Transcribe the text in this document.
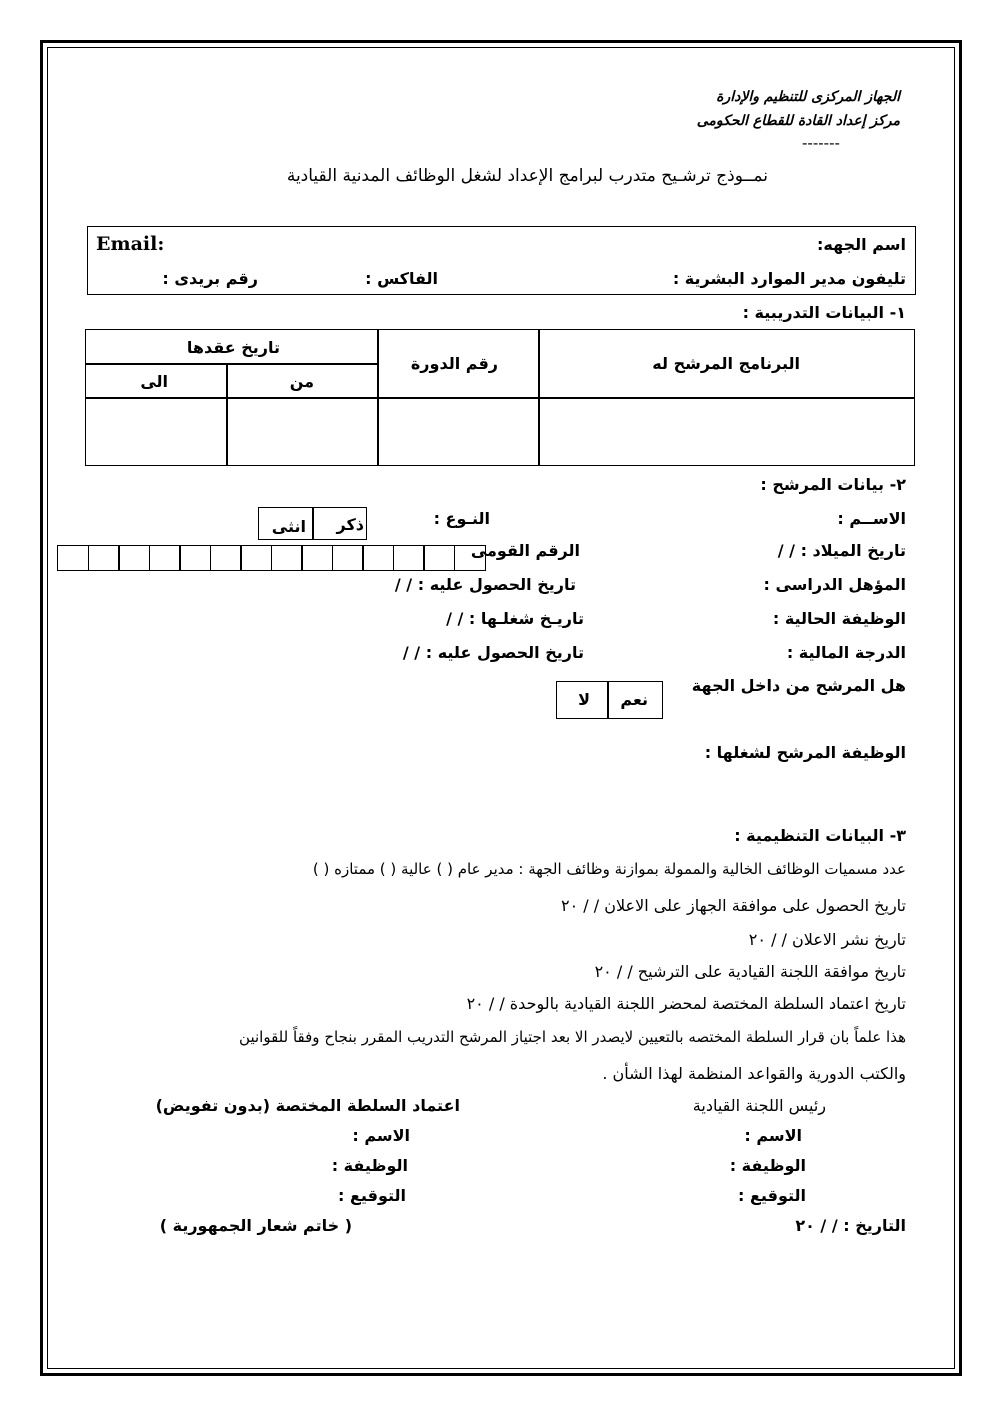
الجهاز المركزى للتنظيم والإدارة
مركز إعداد القادة للقطاع الحكومى
-------
نمــوذج ترشـيح متدرب لبرامج الإعداد لشغل الوظائف المدنية القيادية
اسم الجهه:
Email:
تليفون مدير الموارد البشرية :
الفاكس :
رقم بريدى :
١- البيانات التدريبية :
البرنامج المرشح له
رقم الدورة
تاريخ عقدها
من
الى
٢- بيانات المرشح :
الاســم :
النـوع :
ذكر
انثى
تاريخ الميلاد : / /
الرقم القومى
المؤهل الدراسى :
تاريخ الحصول عليه : / /
الوظيفة الحالية :
تاريـخ شغلـها : / /
الدرجة المالية :
تاريخ الحصول عليه : / /
هل المرشح من داخل الجهة
نعم
لا
الوظيفة المرشح لشغلها :
٣- البيانات التنظيمية :
عدد مسميات الوظائف الخالية والممولة بموازنة وظائف الجهة : مدير عام ( ) عالية ( ) ممتازه ( )
تاريخ الحصول على موافقة الجهاز على الاعلان / / ٢٠
تاريخ نشر الاعلان / / ٢٠
تاريخ موافقة اللجنة القيادية على الترشيح / / ٢٠
تاريخ اعتماد السلطة المختصة لمحضر اللجنة القيادية بالوحدة / / ٢٠
هذا علماً بان قرار السلطة المختصه بالتعيين لايصدر الا بعد اجتياز المرشح التدريب المقرر بنجاح وفقاً للقوانين
والكتب الدورية والقواعد المنظمة لهذا الشأن .
رئيس اللجنة القيادية
اعتماد السلطة المختصة (بدون تفويض)
الاسم :
الاسم :
الوظيفة :
الوظيفة :
التوقيع :
التوقيع :
التاريخ : / / ٢٠
( خاتم شعار الجمهورية )
